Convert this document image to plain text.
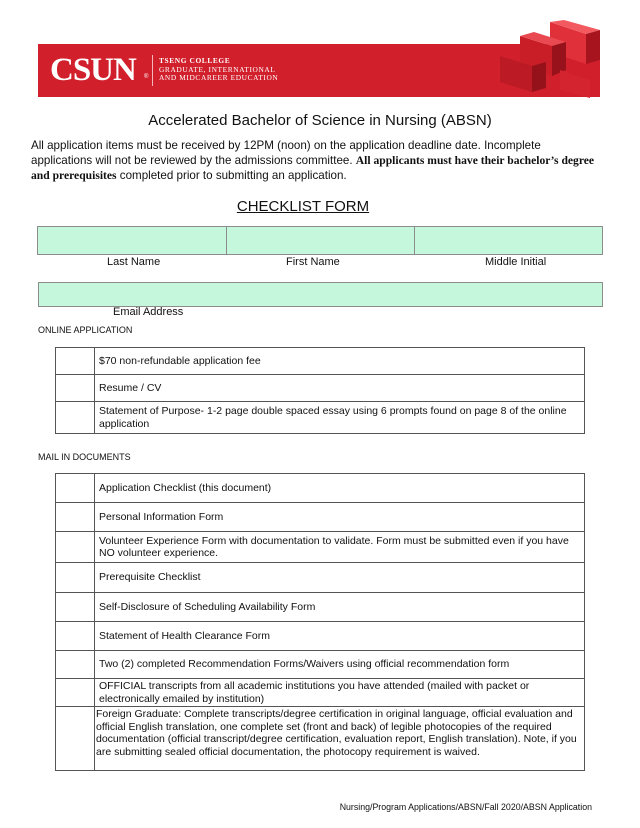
CSUN ®
TSENG COLLEGE
GRADUATE, INTERNATIONAL
AND MIDCAREER EDUCATION
Accelerated Bachelor of Science in Nursing (ABSN)
All application items must be received by 12PM (noon) on the application deadline date. Incomplete applications will not be reviewed by the admissions committee. All applicants must have their bachelor’s degree and prerequisites completed prior to submitting an application.
CHECKLIST FORM
Last Name	First Name	Middle Initial
Email Address
ONLINE APPLICATION
	$70 non-refundable application fee
	Resume / CV
	Statement of Purpose- 1-2 page double spaced essay using 6 prompts found on page 8 of the online application
MAIL IN DOCUMENTS
	Application Checklist (this document)
	Personal Information Form
	Volunteer Experience Form with documentation to validate. Form must be submitted even if you have NO volunteer experience.
	Prerequisite Checklist
	Self-Disclosure of Scheduling Availability Form
	Statement of Health Clearance Form
	Two (2) completed Recommendation Forms/Waivers using official recommendation form
	OFFICIAL transcripts from all academic institutions you have attended (mailed with packet or electronically emailed by institution)
	Foreign Graduate: Complete transcripts/degree certification in original language, official evaluation and official English translation, one complete set (front and back) of legible photocopies of the required documentation (official transcript/degree certification, evaluation report, English translation). Note, if you are submitting sealed official documentation, the photocopy requirement is waived.
Nursing/Program Applications/ABSN/Fall 2020/ABSN Application
